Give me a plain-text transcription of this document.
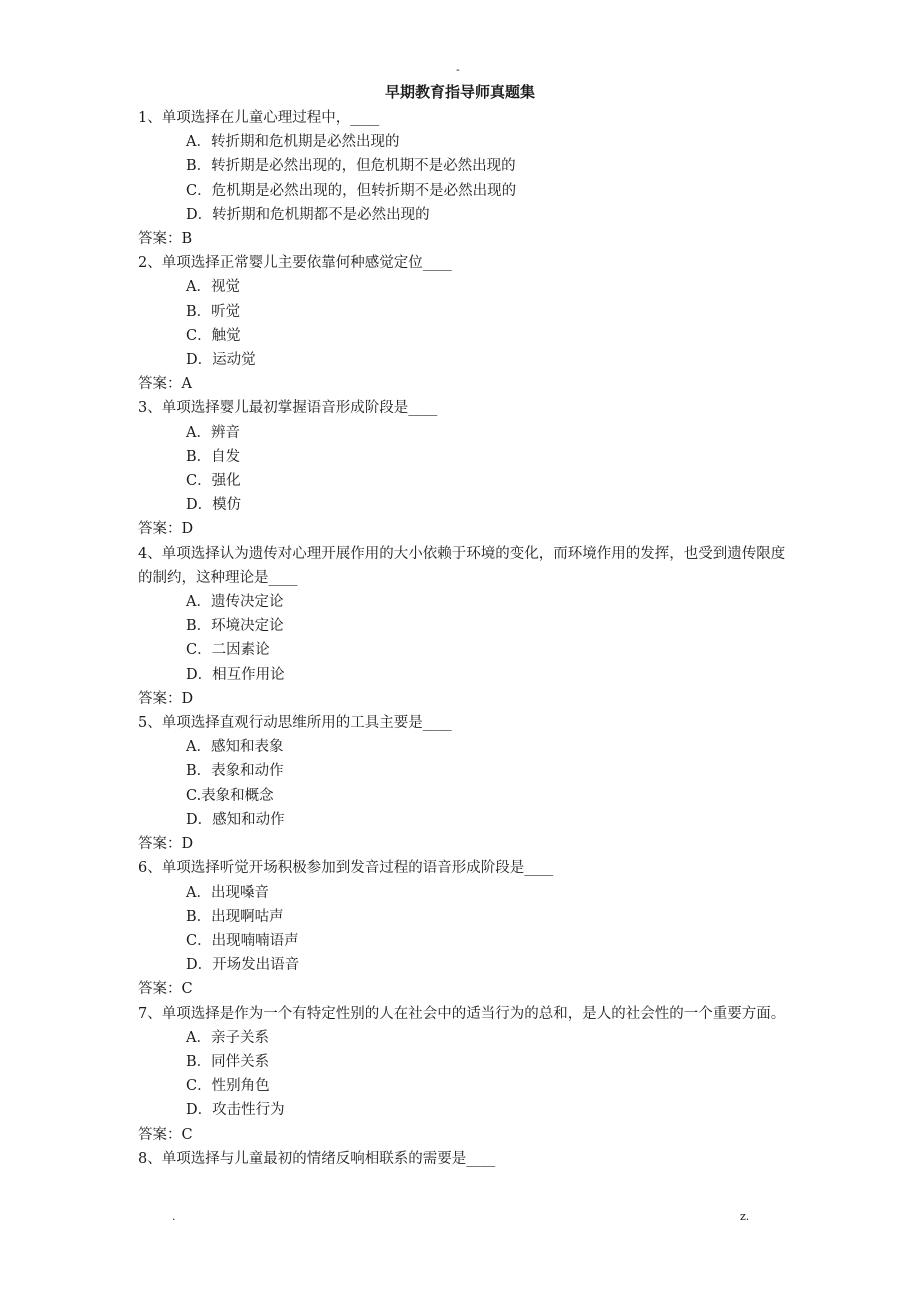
-
早期教育指导师真题集
1、单项选择在儿童心理过程中，____
A．转折期和危机期是必然出现的
B．转折期是必然出现的，但危机期不是必然出现的
C．危机期是必然出现的，但转折期不是必然出现的
D．转折期和危机期都不是必然出现的
答案：B
2、单项选择正常婴儿主要依靠何种感觉定位____
A．视觉
B．听觉
C．触觉
D．运动觉
答案：A
3、单项选择婴儿最初掌握语音形成阶段是____
A．辨音
B．自发
C．强化
D．模仿
答案：D
4、单项选择认为遗传对心理开展作用的大小依赖于环境的变化，而环境作用的发挥，也受到遗传限度的制约，这种理论是____
A．遗传决定论
B．环境决定论
C．二因素论
D．相互作用论
答案：D
5、单项选择直观行动思维所用的工具主要是____
A．感知和表象
B．表象和动作
C.表象和概念
D．感知和动作
答案：D
6、单项选择听觉开场积极参加到发音过程的语音形成阶段是____
A．出现嗓音
B．出现啊咕声
C．出现喃喃语声
D．开场发出语音
答案：C
7、单项选择是作为一个有特定性别的人在社会中的适当行为的总和，是人的社会性的一个重要方面。
A．亲子关系
B．同伴关系
C．性别角色
D．攻击性行为
答案：C
8、单项选择与儿童最初的情绪反响相联系的需要是____
.	z.
